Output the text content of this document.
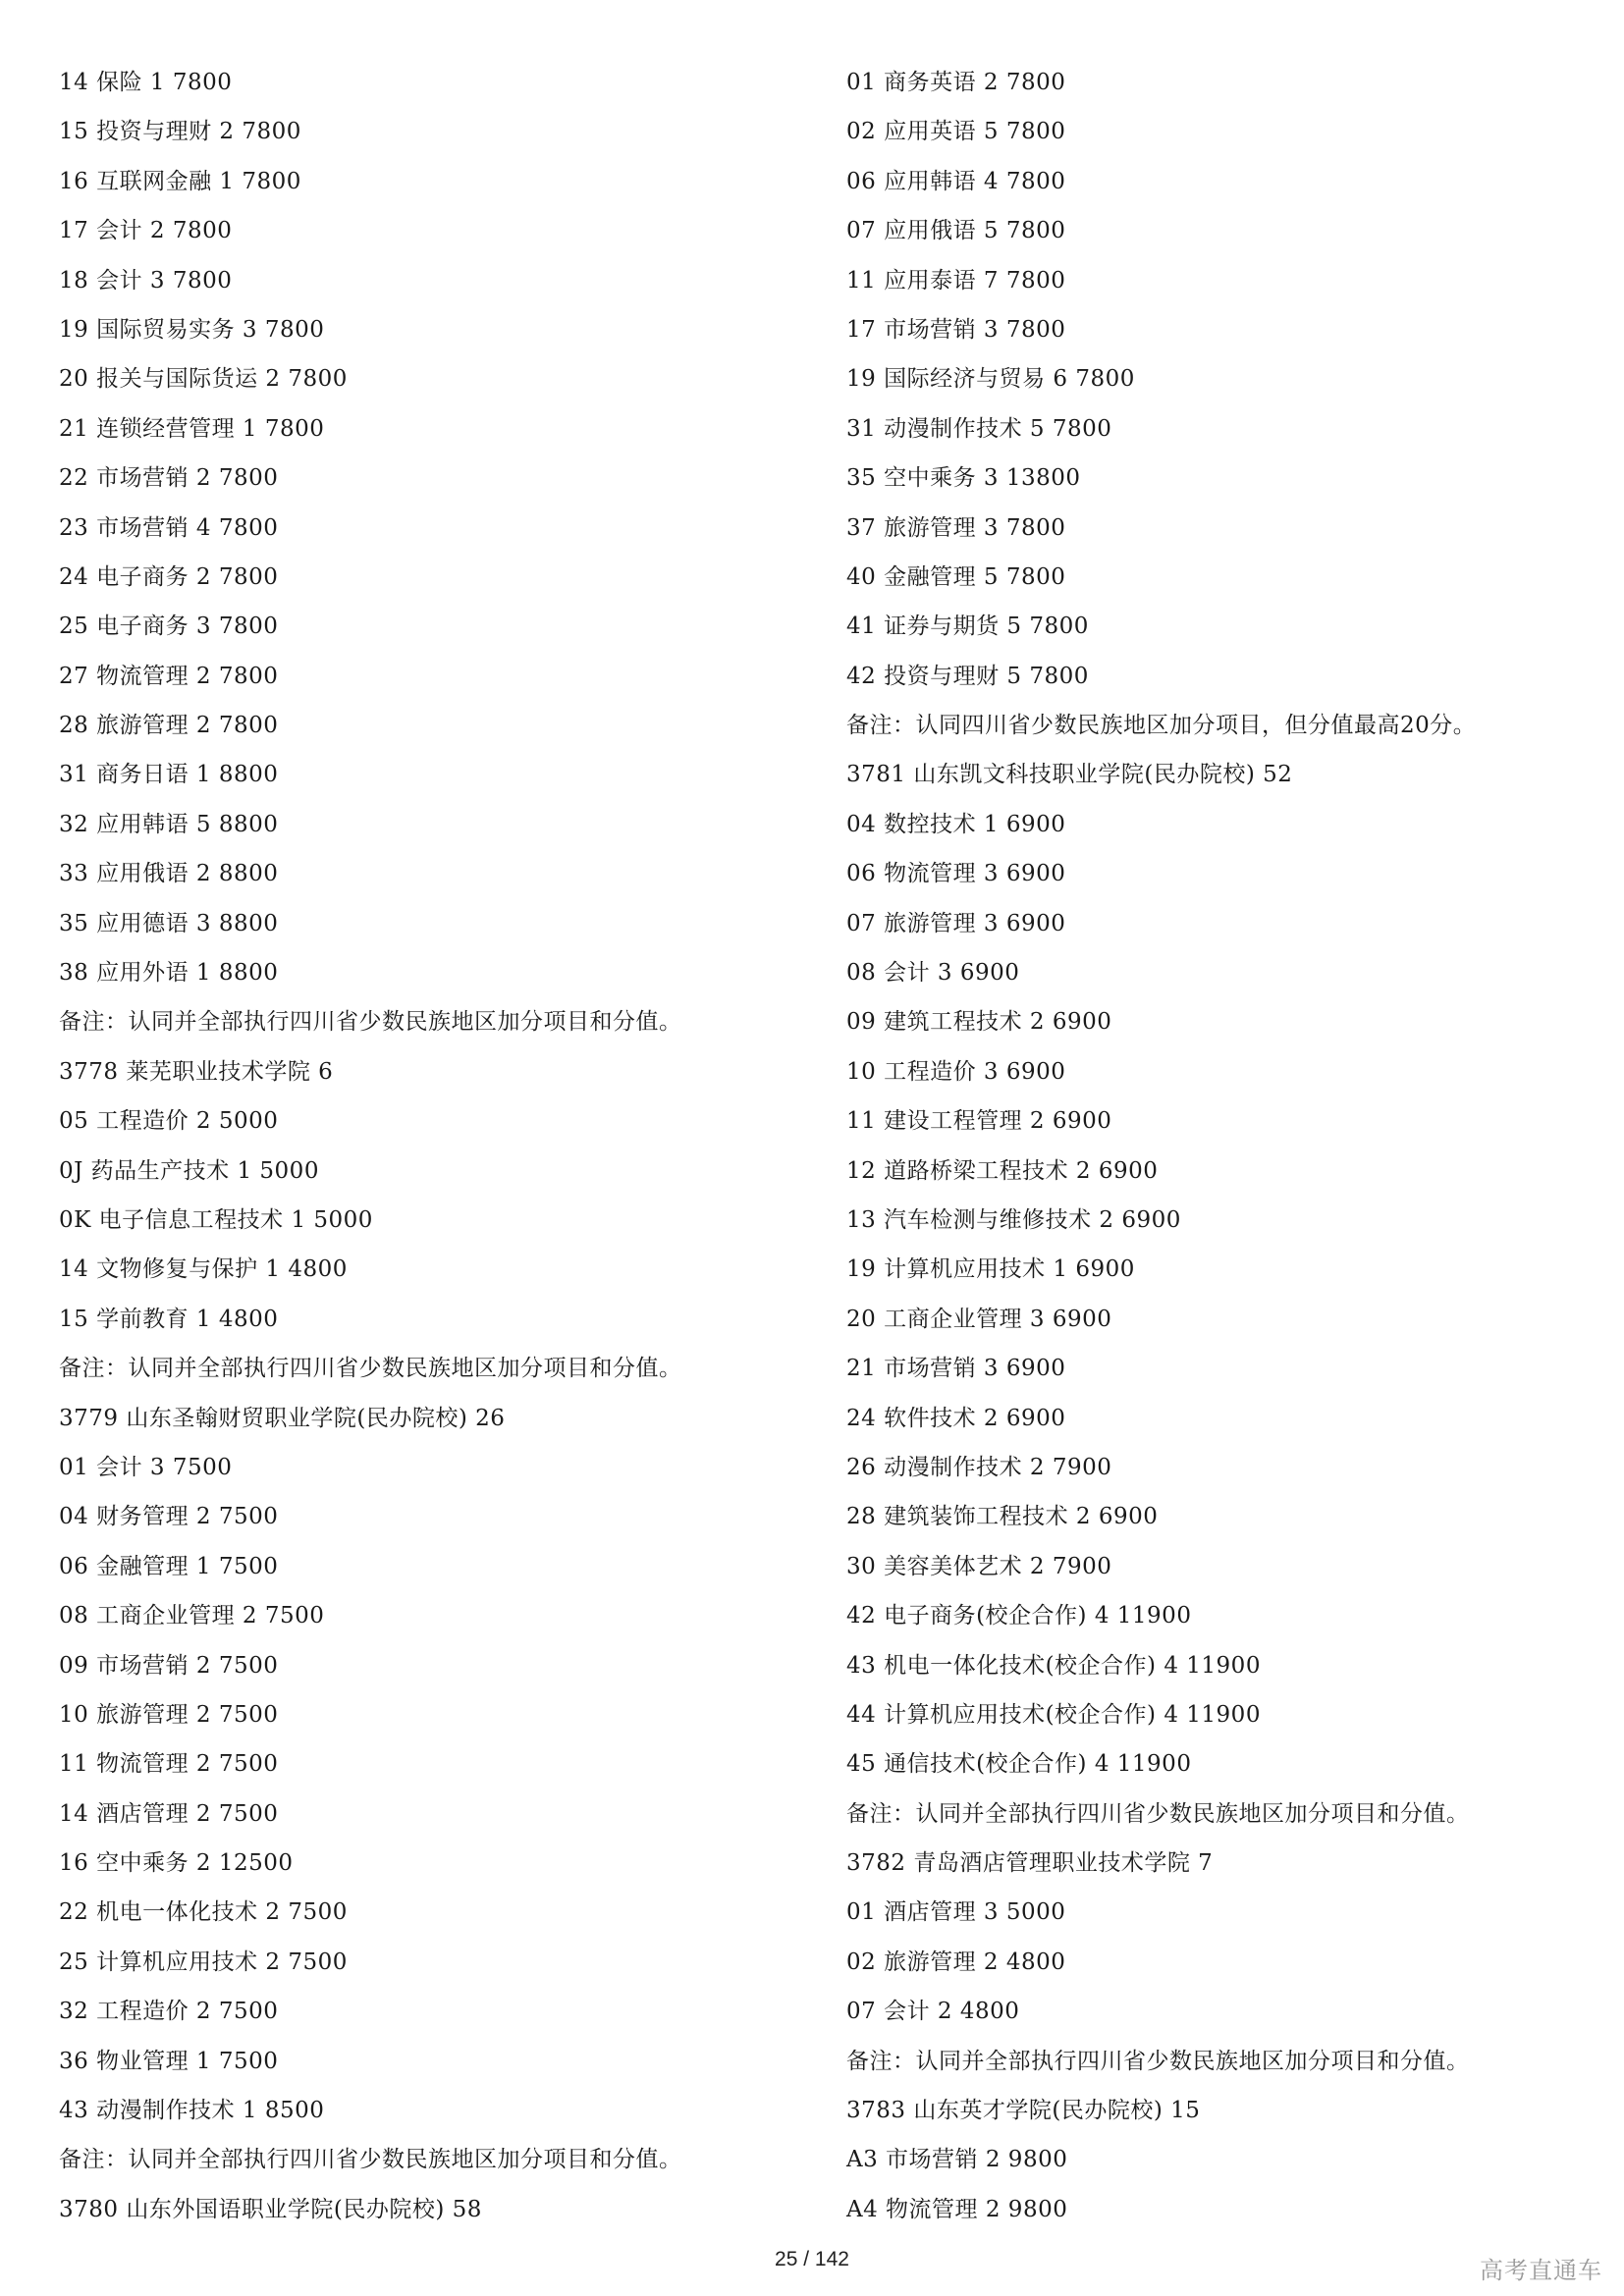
14 保险 1 7800
15 投资与理财 2 7800
16 互联网金融 1 7800
17 会计 2 7800
18 会计 3 7800
19 国际贸易实务 3 7800
20 报关与国际货运 2 7800
21 连锁经营管理 1 7800
22 市场营销 2 7800
23 市场营销 4 7800
24 电子商务 2 7800
25 电子商务 3 7800
27 物流管理 2 7800
28 旅游管理 2 7800
31 商务日语 1 8800
32 应用韩语 5 8800
33 应用俄语 2 8800
35 应用德语 3 8800
38 应用外语 1 8800
备注：认同并全部执行四川省少数民族地区加分项目和分值。
3778 莱芜职业技术学院 6
05 工程造价 2 5000
0J 药品生产技术 1 5000
0K 电子信息工程技术 1 5000
14 文物修复与保护 1 4800
15 学前教育 1 4800
备注：认同并全部执行四川省少数民族地区加分项目和分值。
3779 山东圣翰财贸职业学院(民办院校) 26
01 会计 3 7500
04 财务管理 2 7500
06 金融管理 1 7500
08 工商企业管理 2 7500
09 市场营销 2 7500
10 旅游管理 2 7500
11 物流管理 2 7500
14 酒店管理 2 7500
16 空中乘务 2 12500
22 机电一体化技术 2 7500
25 计算机应用技术 2 7500
32 工程造价 2 7500
36 物业管理 1 7500
43 动漫制作技术 1 8500
备注：认同并全部执行四川省少数民族地区加分项目和分值。
3780 山东外国语职业学院(民办院校) 58
01 商务英语 2 7800
02 应用英语 5 7800
06 应用韩语 4 7800
07 应用俄语 5 7800
11 应用泰语 7 7800
17 市场营销 3 7800
19 国际经济与贸易 6 7800
31 动漫制作技术 5 7800
35 空中乘务 3 13800
37 旅游管理 3 7800
40 金融管理 5 7800
41 证券与期货 5 7800
42 投资与理财 5 7800
备注：认同四川省少数民族地区加分项目，但分值最高20分。
3781 山东凯文科技职业学院(民办院校) 52
04 数控技术 1 6900
06 物流管理 3 6900
07 旅游管理 3 6900
08 会计 3 6900
09 建筑工程技术 2 6900
10 工程造价 3 6900
11 建设工程管理 2 6900
12 道路桥梁工程技术 2 6900
13 汽车检测与维修技术 2 6900
19 计算机应用技术 1 6900
20 工商企业管理 3 6900
21 市场营销 3 6900
24 软件技术 2 6900
26 动漫制作技术 2 7900
28 建筑装饰工程技术 2 6900
30 美容美体艺术 2 7900
42 电子商务(校企合作) 4 11900
43 机电一体化技术(校企合作) 4 11900
44 计算机应用技术(校企合作) 4 11900
45 通信技术(校企合作) 4 11900
备注：认同并全部执行四川省少数民族地区加分项目和分值。
3782 青岛酒店管理职业技术学院 7
01 酒店管理 3 5000
02 旅游管理 2 4800
07 会计 2 4800
备注：认同并全部执行四川省少数民族地区加分项目和分值。
3783 山东英才学院(民办院校) 15
A3 市场营销 2 9800
A4 物流管理 2 9800
25 / 142	高考直通车
